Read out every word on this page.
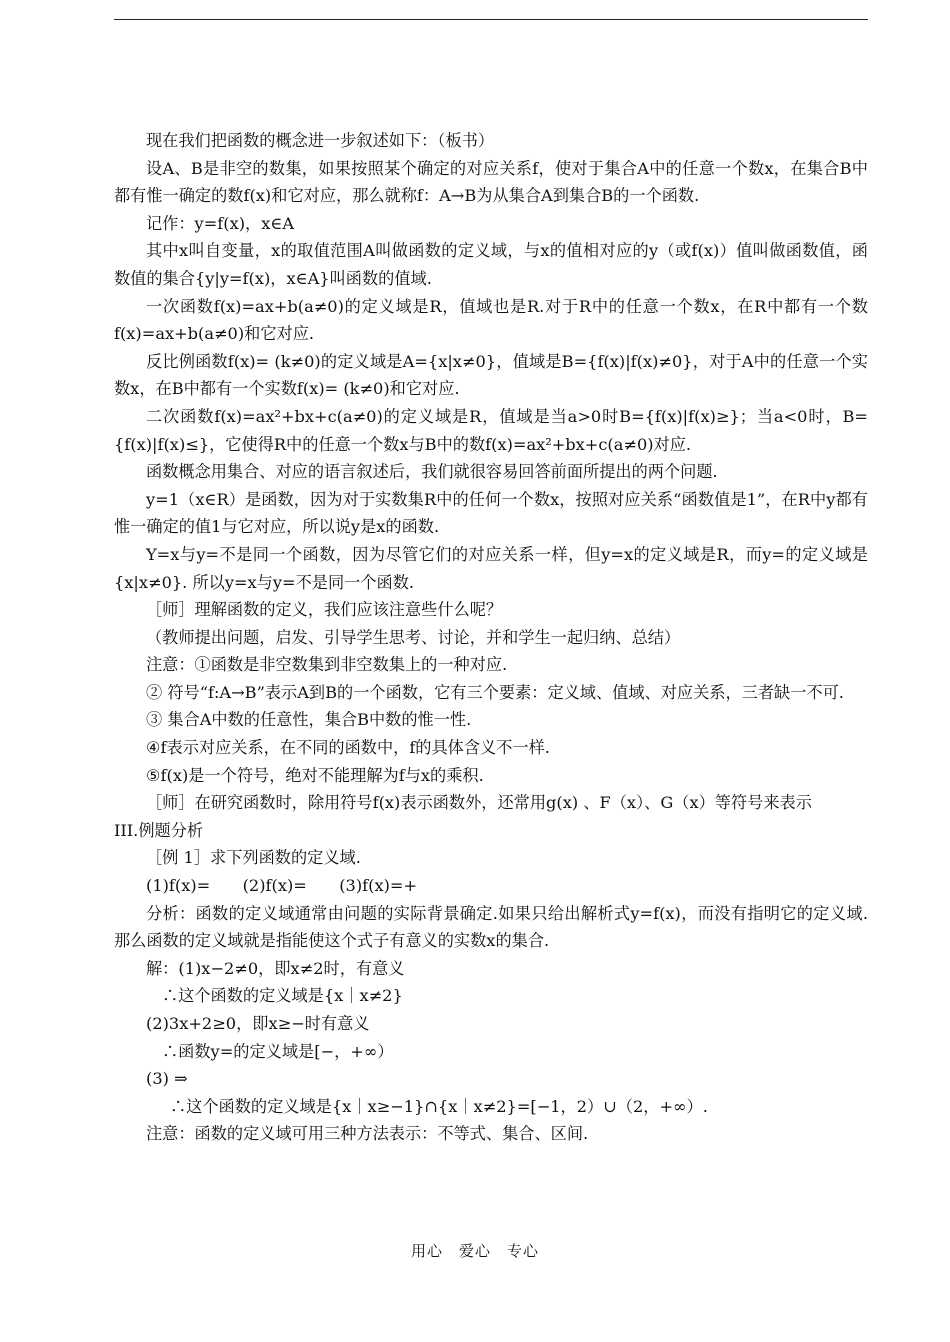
现在我们把函数的概念进一步叙述如下：（板书）

设A、B是非空的数集，如果按照某个确定的对应关系f，使对于集合A中的任意一个数x，在集合B中都有惟一确定的数f(x)和它对应，那么就称f：A→B为从集合A到集合B的一个函数.

记作：y=f(x)，x∈A

其中x叫自变量，x的取值范围A叫做函数的定义域，与x的值相对应的y（或f(x)）值叫做函数值，函数值的集合{y|y=f(x)，x∈A}叫函数的值域.

一次函数f(x)=ax+b(a≠0)的定义域是R，值域也是R.对于R中的任意一个数x，在R中都有一个数f(x)=ax+b(a≠0)和它对应.

反比例函数f(x)= (k≠0)的定义域是A={x|x≠0}，值域是B={f(x)|f(x)≠0}，对于A中的任意一个实数x，在B中都有一个实数f(x)= (k≠0)和它对应.

二次函数f(x)=ax²+bx+c(a≠0)的定义域是R，值域是当a>0时B={f(x)|f(x)≥}；当a<0时，B={f(x)|f(x)≤}，它使得R中的任意一个数x与B中的数f(x)=ax²+bx+c(a≠0)对应.

函数概念用集合、对应的语言叙述后，我们就很容易回答前面所提出的两个问题.

y=1（x∈R）是函数，因为对于实数集R中的任何一个数x，按照对应关系“函数值是1”，在R中y都有惟一确定的值1与它对应，所以说y是x的函数.

Y=x与y=不是同一个函数，因为尽管它们的对应关系一样，但y=x的定义域是R，而y=的定义域是{x|x≠0}. 所以y=x与y=不是同一个函数.

［师］理解函数的定义，我们应该注意些什么呢？

（教师提出问题，启发、引导学生思考、讨论，并和学生一起归纳、总结）

注意：①函数是非空数集到非空数集上的一种对应.

② 符号“f:A→B”表示A到B的一个函数，它有三个要素：定义域、值域、对应关系，三者缺一不可.

③ 集合A中数的任意性，集合B中数的惟一性.

④f表示对应关系，在不同的函数中，f的具体含义不一样.

⑤f(x)是一个符号，绝对不能理解为f与x的乘积.

［师］在研究函数时，除用符号f(x)表示函数外，还常用g(x) 、F（x）、G（x）等符号来表示

III.例题分析

［例 1］求下列函数的定义域.

(1)f(x)=　　(2)f(x)=　　(3)f(x)=+

分析：函数的定义域通常由问题的实际背景确定.如果只给出解析式y=f(x)，而没有指明它的定义域.那么函数的定义域就是指能使这个式子有意义的实数x的集合.

解：(1)x−2≠0，即x≠2时，有意义

∴这个函数的定义域是{x｜x≠2}

(2)3x+2≥0，即x≥−时有意义

∴函数y=的定义域是[−，+∞）

(3) ⇒

∴这个函数的定义域是{x｜x≥−1}∩{x｜x≠2}=[−1，2）∪（2，+∞）.

注意：函数的定义域可用三种方法表示：不等式、集合、区间.

用心　爱心　专心
